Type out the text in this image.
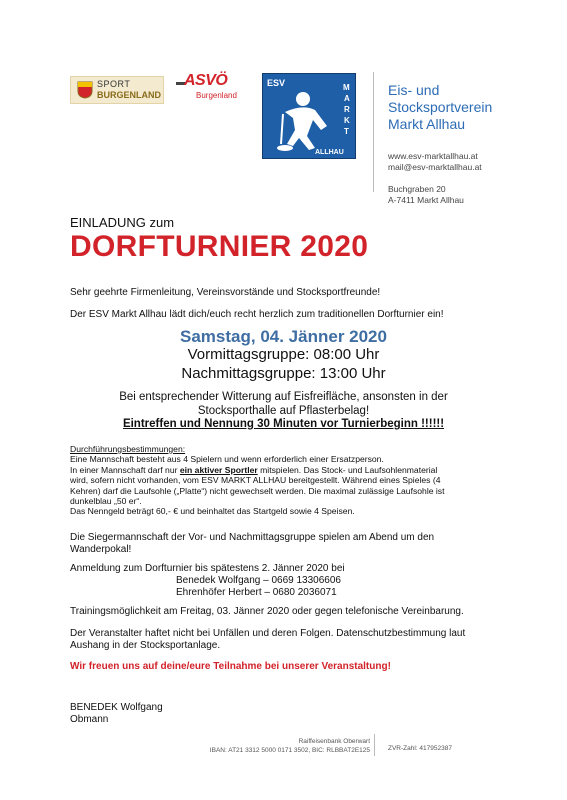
SPORT
BURGENLAND
ASVÖ
Burgenland
ESV	M
A
R
K
T
ALLHAU
Eis- und
Stocksportverein
Markt Allhau
www.esv-marktallhau.at
mail@esv-marktallhau.at
Buchgraben 20
A-7411 Markt Allhau
EINLADUNG zum
DORFTURNIER 2020
Sehr geehrte Firmenleitung, Vereinsvorstände und Stocksportfreunde!
Der ESV Markt Allhau lädt dich/euch recht herzlich zum traditionellen Dorfturnier ein!
Samstag, 04. Jänner 2020
Vormittagsgruppe: 08:00 Uhr
Nachmittagsgruppe: 13:00 Uhr
Bei entsprechender Witterung auf Eisfreifläche, ansonsten in der
Stocksporthalle auf Pflasterbelag!
Eintreffen und Nennung 30 Minuten vor Turnierbeginn !!!!!!
Durchführungsbestimmungen:
Eine Mannschaft besteht aus 4 Spielern und wenn erforderlich einer Ersatzperson.
In einer Mannschaft darf nur ein aktiver Sportler mitspielen. Das Stock- und Laufsohlenmaterial
wird, sofern nicht vorhanden, vom ESV MARKT ALLHAU bereitgestellt. Während eines Spieles (4
Kehren) darf die Laufsohle („Platte“) nicht gewechselt werden. Die maximal zulässige Laufsohle ist
dunkelblau „50 er“.
Das Nenngeld beträgt 60,- € und beinhaltet das Startgeld sowie 4 Speisen.
Die Siegermannschaft der Vor- und Nachmittagsgruppe spielen am Abend um den
Wanderpokal!
Anmeldung zum Dorfturnier bis spätestens 2. Jänner 2020 bei
Benedek Wolfgang – 0669 13306606
Ehrenhöfer Herbert – 0680 2036071
Trainingsmöglichkeit am Freitag, 03. Jänner 2020 oder gegen telefonische Vereinbarung.
Der Veranstalter haftet nicht bei Unfällen und deren Folgen. Datenschutzbestimmung laut
Aushang in der Stocksportanlage.
Wir freuen uns auf deine/eure Teilnahme bei unserer Veranstaltung!
BENEDEK Wolfgang
Obmann
Raiffeisenbank Oberwart
IBAN: AT21 3312 5000 0171 3502, BIC: RLBBAT2E125	ZVR-Zahl: 417952387
